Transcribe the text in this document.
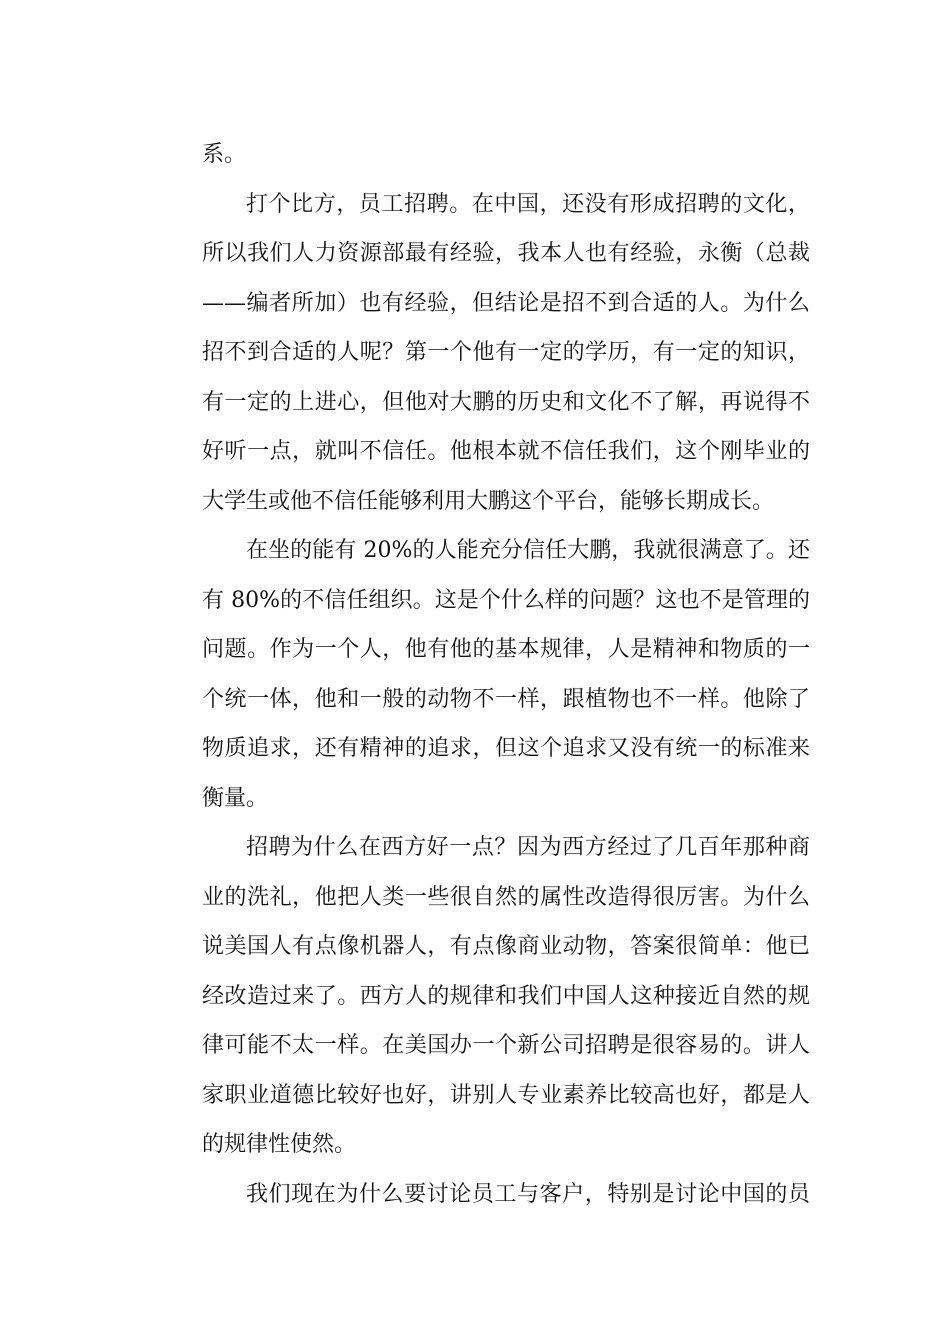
系。
打个比方，员工招聘。在中国，还没有形成招聘的文化，
所以我们人力资源部最有经验，我本人也有经验，永衡（总裁
——编者所加）也有经验，但结论是招不到合适的人。为什么
招不到合适的人呢？第一个他有一定的学历，有一定的知识，
有一定的上进心，但他对大鹏的历史和文化不了解，再说得不
好听一点，就叫不信任。他根本就不信任我们，这个刚毕业的
大学生或他不信任能够利用大鹏这个平台，能够长期成长。
在坐的能有 20%的人能充分信任大鹏，我就很满意了。还
有 80%的不信任组织。这是个什么样的问题？这也不是管理的
问题。作为一个人，他有他的基本规律，人是精神和物质的一
个统一体，他和一般的动物不一样，跟植物也不一样。他除了
物质追求，还有精神的追求，但这个追求又没有统一的标准来
衡量。
招聘为什么在西方好一点？因为西方经过了几百年那种商
业的洗礼，他把人类一些很自然的属性改造得很厉害。为什么
说美国人有点像机器人，有点像商业动物，答案很简单：他已
经改造过来了。西方人的规律和我们中国人这种接近自然的规
律可能不太一样。在美国办一个新公司招聘是很容易的。讲人
家职业道德比较好也好，讲别人专业素养比较高也好，都是人
的规律性使然。
我们现在为什么要讨论员工与客户，特别是讨论中国的员
